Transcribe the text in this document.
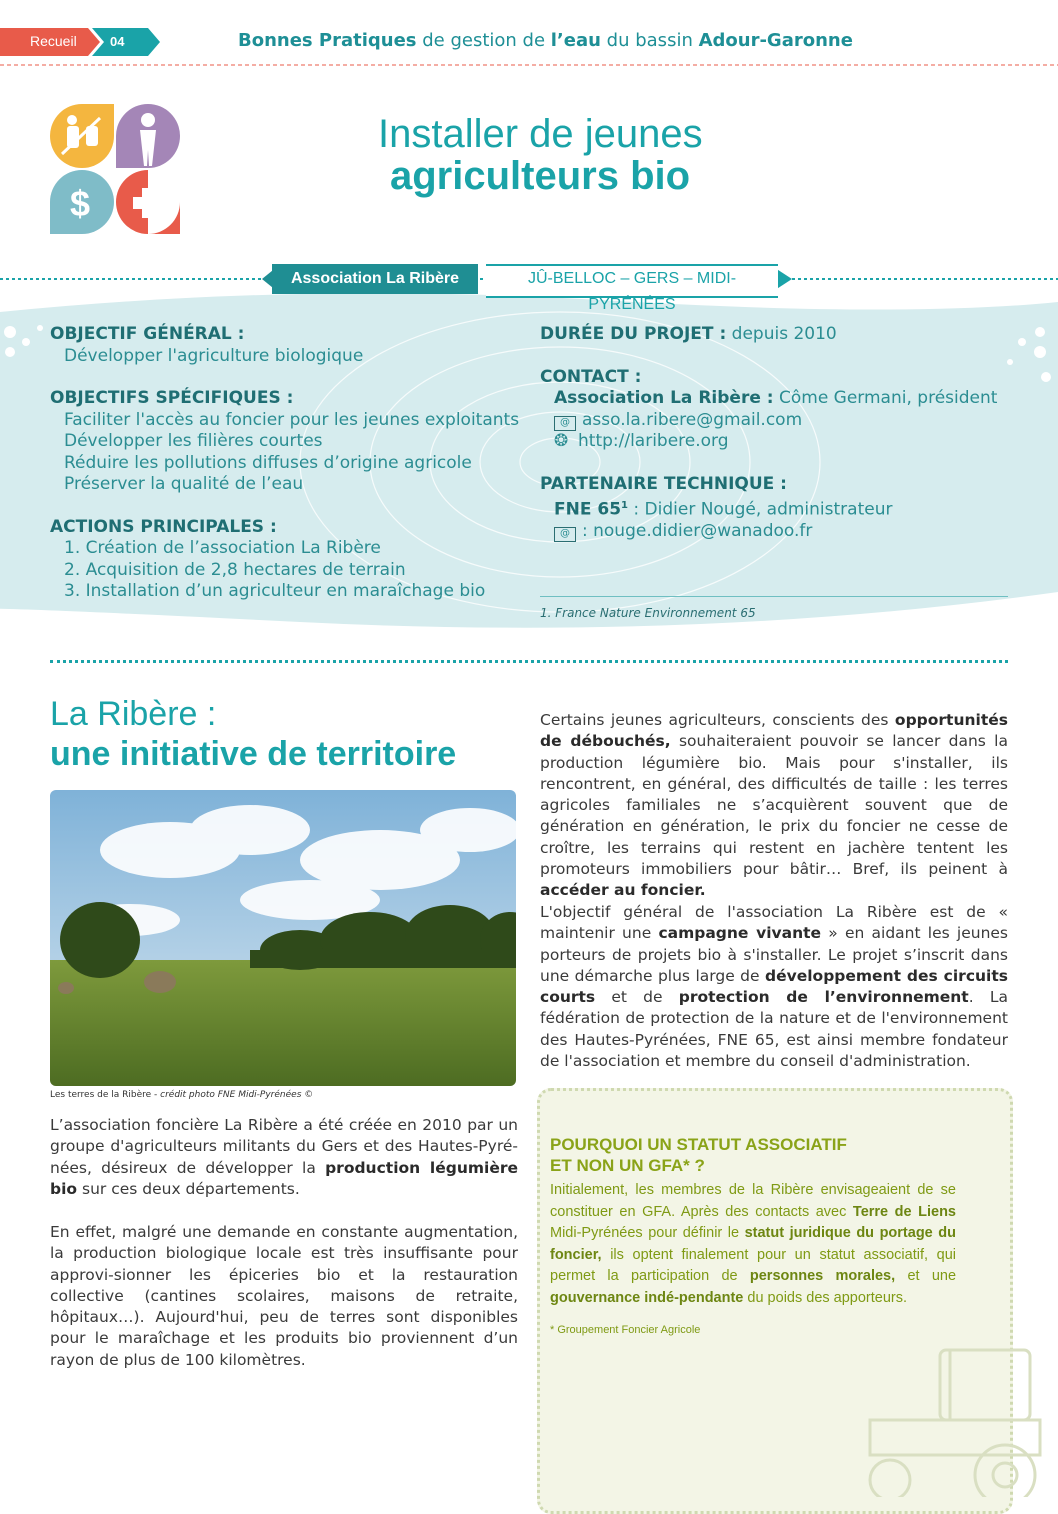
Recueil	04	Bonnes Pratiques de gestion de l’eau du bassin Adour-Garonne
$
Installer de jeunes
agriculteurs bio
Association La Ribère	JÛ-BELLOC – GERS – MIDI-PYRÉNÉES
OBJECTIF GÉNÉRAL :
Développer l'agriculture biologique
OBJECTIFS SPÉCIFIQUES :
Faciliter l'accès au foncier pour les jeunes exploitants
Développer les filières courtes
Réduire les pollutions diffuses d’origine agricole
Préserver la qualité de l’eau
ACTIONS PRINCIPALES :
1. Création de l’association La Ribère
2. Acquisition de 2,8 hectares de terrain
3. Installation d’un agriculteur en maraîchage bio
DURÉE DU PROJET : depuis 2010
CONTACT :
Association La Ribère : Côme Germani, président
@ asso.la.ribere@gmail.com
❂ http://laribere.org
PARTENAIRE TECHNIQUE :
FNE $65^1$ : Didier Nougé, administrateur
@ : nouge.didier@wanadoo.fr
1. France Nature Environnement 65
La Ribère :
une initiative de territoire
Les terres de la Ribère - crédit photo FNE Midi-Pyrénées ©
L’association foncière La Ribère a été créée en 2010 par un groupe d'agriculteurs militants du Gers et des Hautes-Pyré-nées, désireux de développer la production légumière bio sur ces deux départements.
En effet, malgré une demande en constante augmentation, la production biologique locale est très insuffisante pour approvi-sionner les épiceries bio et la restauration collective (cantines scolaires, maisons de retraite, hôpitaux…). Aujourd'hui, peu de terres sont disponibles pour le maraîchage et les produits bio proviennent d’un rayon de plus de 100 kilomètres.
Certains jeunes agriculteurs, conscients des opportunités de débouchés, souhaiteraient pouvoir se lancer dans la production légumière bio. Mais pour s'installer, ils rencontrent, en général, des difficultés de taille : les terres agricoles familiales ne s’acquièrent souvent que de génération en génération, le prix du foncier ne cesse de croître, les terrains qui restent en jachère tentent les promoteurs immobiliers pour bâtir… Bref, ils peinent à accéder au foncier.
L'objectif général de l'association La Ribère est de « maintenir une campagne vivante » en aidant les jeunes porteurs de projets bio à s'installer. Le projet s’inscrit dans une démarche plus large de développement des circuits courts et de protection de l’environnement. La fédération de protection de la nature et de l'environnement des Hautes-Pyrénées, FNE 65, est ainsi membre fondateur de l'association et membre du conseil d'administration.
POURQUOI UN STATUT ASSOCIATIF
ET NON UN GFA* ?
Initialement, les membres de la Ribère envisageaient de se constituer en GFA. Après des contacts avec Terre de Liens Midi-Pyrénées pour définir le statut juridique du portage du foncier, ils optent finalement pour un statut associatif, qui permet la participation de personnes morales, et une gouvernance indé-pendante du poids des apporteurs.
* Groupement Foncier Agricole
